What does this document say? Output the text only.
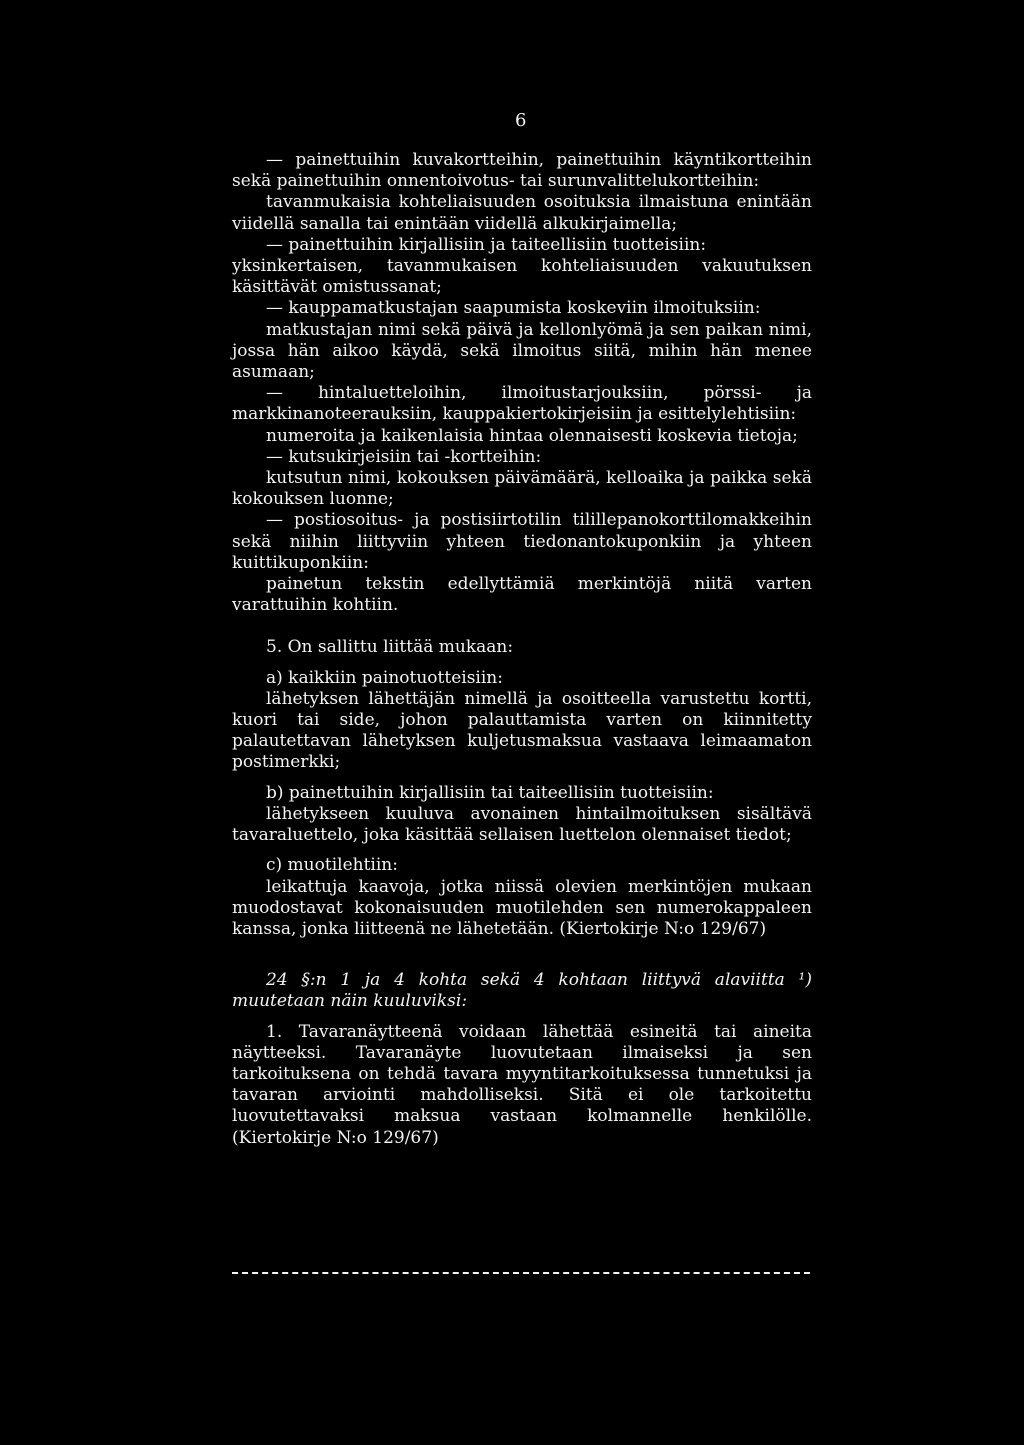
6

— painettuihin kuvakortteihin, painettuihin käyntikortteihin sekä painettuihin onnentoivotus- tai surunvalittelukortteihin:

tavanmukaisia kohteliaisuuden osoituksia ilmaistuna enintään viidellä sanalla tai enintään viidellä alkukirjaimella;

— painettuihin kirjallisiin ja taiteellisiin tuotteisiin:

yksinkertaisen, tavanmukaisen kohteliaisuuden vakuutuksen käsittävät omistussanat;

— kauppamatkustajan saapumista koskeviin ilmoituksiin:

matkustajan nimi sekä päivä ja kellonlyömä ja sen paikan nimi, jossa hän aikoo käydä, sekä ilmoitus siitä, mihin hän menee asumaan;

— hintaluetteloihin, ilmoitustarjouksiin, pörssi- ja markkinanoteerauksiin, kauppakiertokirjeisiin ja esittelylehtisiin:

numeroita ja kaikenlaisia hintaa olennaisesti koskevia tietoja;

— kutsukirjeisiin tai -kortteihin:

kutsutun nimi, kokouksen päivämäärä, kelloaika ja paikka sekä kokouksen luonne;

— postiosoitus- ja postisiirtotilin tilillepanokorttilomakkeihin sekä niihin liittyviin yhteen tiedonantokuponkiin ja yhteen kuittikuponkiin:

painetun tekstin edellyttämiä merkintöjä niitä varten varattuihin kohtiin.

5. On sallittu liittää mukaan:

a) kaikkiin painotuotteisiin:

lähetyksen lähettäjän nimellä ja osoitteella varustettu kortti, kuori tai side, johon palauttamista varten on kiinnitetty palautettavan lähetyksen kuljetusmaksua vastaava leimaamaton postimerkki;

b) painettuihin kirjallisiin tai taiteellisiin tuotteisiin:

lähetykseen kuuluva avonainen hintailmoituksen sisältävä tavaraluettelo, joka käsittää sellaisen luettelon olennaiset tiedot;

c) muotilehtiin:

leikattuja kaavoja, jotka niissä olevien merkintöjen mukaan muodostavat kokonaisuuden muotilehden sen numerokappaleen kanssa, jonka liitteenä ne lähetetään. (Kiertokirje N:o 129/67)

24 §:n 1 ja 4 kohta sekä 4 kohtaan liittyvä alaviitta ¹) muutetaan näin kuuluviksi:

1. Tavaranäytteenä voidaan lähettää esineitä tai aineita näytteeksi. Tavaranäyte luovutetaan ilmaiseksi ja sen tarkoituksena on tehdä tavara myyntitarkoituksessa tunnetuksi ja tavaran arviointi mahdolliseksi. Sitä ei ole tarkoitettu luovutettavaksi maksua vastaan kolmannelle henkilölle. (Kiertokirje N:o 129/67)
